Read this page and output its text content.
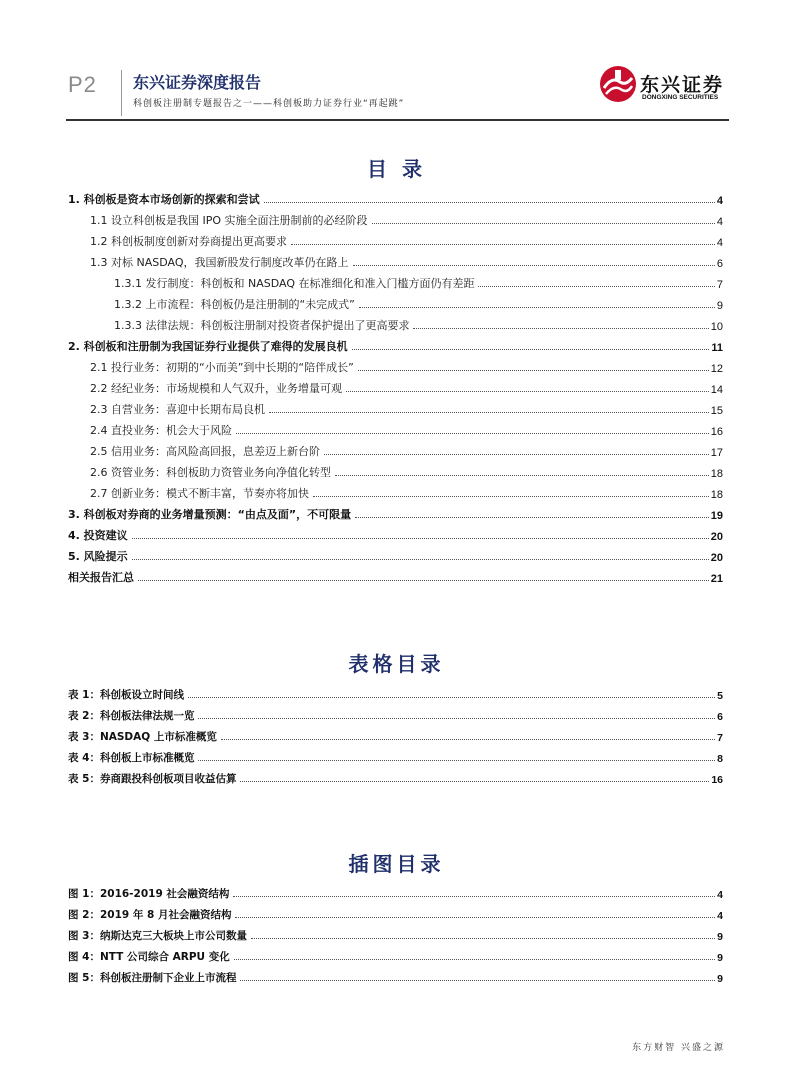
P2 东兴证券深度报告
科创板注册制专题报告之一——科创板助力证券行业“再起跳”
东兴证券
DONGXING SECURITIES
目 录
1. 科创板是资本市场创新的探索和尝试	4
1.1 设立科创板是我国 IPO 实施全面注册制前的必经阶段	4
1.2 科创板制度创新对券商提出更高要求	4
1.3 对标 NASDAQ，我国新股发行制度改革仍在路上	6
1.3.1 发行制度：科创板和 NASDAQ 在标准细化和准入门槛方面仍有差距	7
1.3.2 上市流程：科创板仍是注册制的“未完成式”	9
1.3.3 法律法规：科创板注册制对投资者保护提出了更高要求	10
2. 科创板和注册制为我国证券行业提供了难得的发展良机	11
2.1 投行业务：初期的“小而美”到中长期的“陪伴成长”	12
2.2 经纪业务：市场规模和人气双升，业务增量可观	14
2.3 自营业务：喜迎中长期布局良机	15
2.4 直投业务：机会大于风险	16
2.5 信用业务：高风险高回报，息差迈上新台阶	17
2.6 资管业务：科创板助力资管业务向净值化转型	18
2.7 创新业务：模式不断丰富，节奏亦将加快	18
3. 科创板对券商的业务增量预测：“由点及面”，不可限量	19
4. 投资建议	20
5. 风险提示	20
相关报告汇总	21
表格目录
表 1：科创板设立时间线	5
表 2：科创板法律法规一览	6
表 3：NASDAQ 上市标准概览	7
表 4：科创板上市标准概览	8
表 5：券商跟投科创板项目收益估算	16
插图目录
图 1：2016-2019 社会融资结构	4
图 2：2019 年 8 月社会融资结构	4
图 3：纳斯达克三大板块上市公司数量	9
图 4：NTT 公司综合 ARPU 变化	9
图 5：科创板注册制下企业上市流程	9
东方财智 兴盛之源
